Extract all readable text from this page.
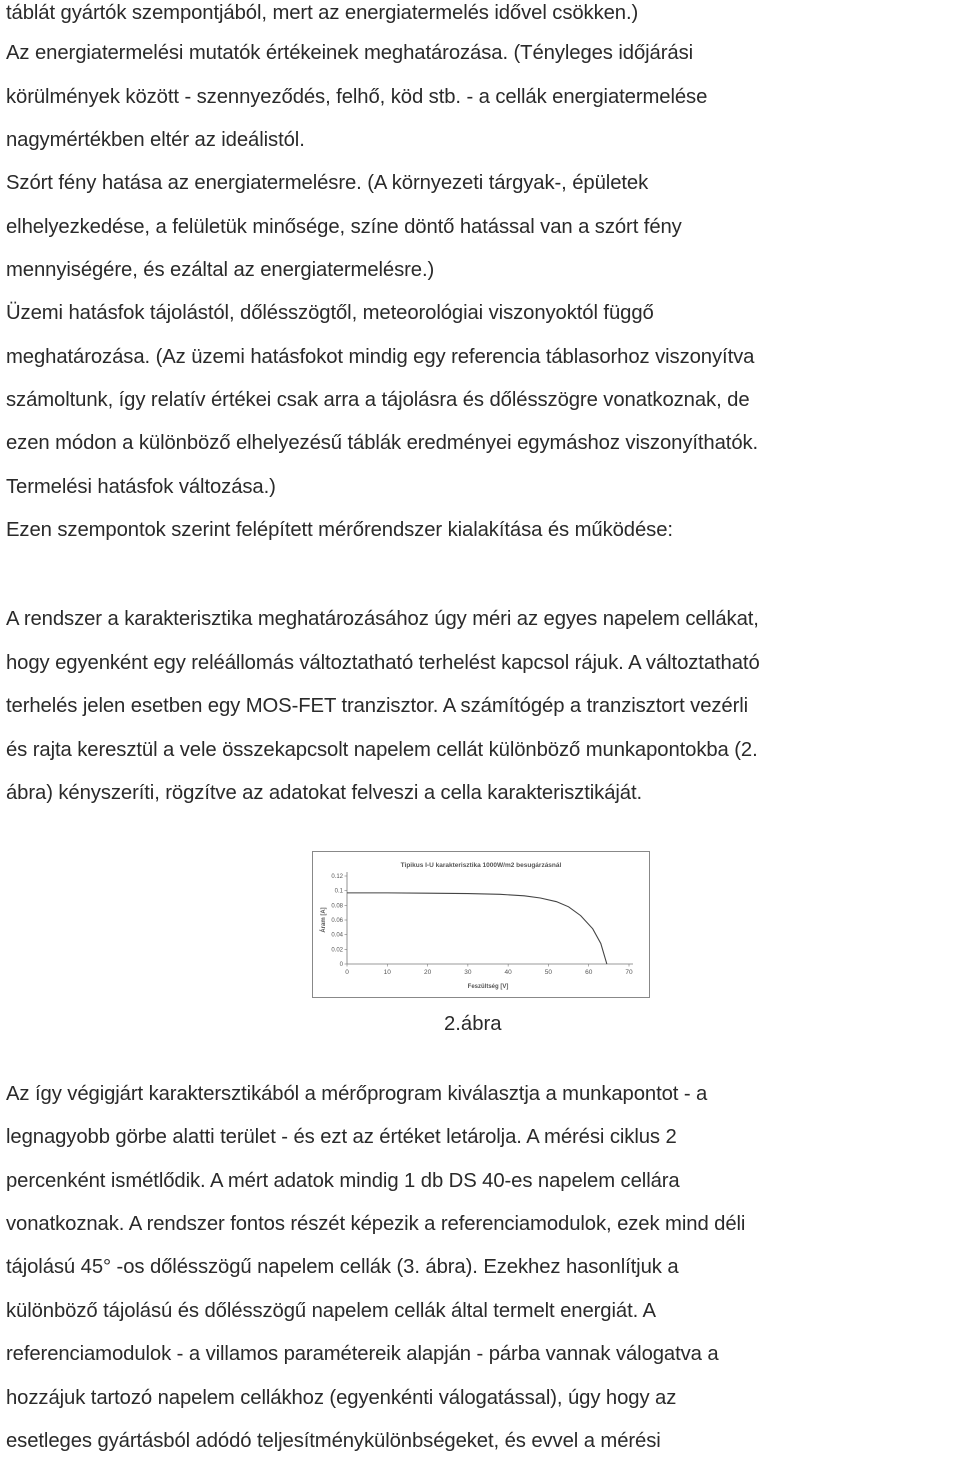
táblát gyártók szempontjából, mert az energiatermelés idővel csökken.)
Az energiatermelési mutatók értékeinek meghatározása. (Tényleges időjárási
körülmények között - szennyeződés, felhő, köd stb. - a cellák energiatermelése
nagymértékben eltér az ideálistól.
Szórt fény hatása az energiatermelésre. (A környezeti tárgyak-, épületek
elhelyezkedése, a felületük minősége, színe döntő hatással van a szórt fény
mennyiségére, és ezáltal az energiatermelésre.)
Üzemi hatásfok tájolástól, dőlésszögtől, meteorológiai viszonyoktól függő
meghatározása. (Az üzemi hatásfokot mindig egy referencia táblasorhoz viszonyítva
számoltunk, így relatív értékei csak arra a tájolásra és dőlésszögre vonatkoznak, de
ezen módon a különböző elhelyezésű táblák eredményei egymáshoz viszonyíthatók.
Termelési hatásfok változása.)
Ezen szempontok szerint felépített mérőrendszer kialakítása és működése:
A rendszer a karakterisztika meghatározásához úgy méri az egyes napelem cellákat,
hogy egyenként egy reléállomás változtatható terhelést kapcsol rájuk. A változtatható
terhelés jelen esetben egy MOS-FET tranzisztor. A számítógép a tranzisztort vezérli
és rajta keresztül a vele összekapcsolt napelem cellát különböző munkapontokba (2.
ábra) kényszeríti, rögzítve az adatokat felveszi a cella karakterisztikáját.
Tipikus I-U karakterisztika 1000W/m2 besugárzásnál
Áram [A]
Feszültség [V]
0	10	20	30	40	50	60	70
0
0.02
0.04
0.06
0.08
0.1
0.12
2.ábra
Az így végigjárt karaktersztikából a mérőprogram kiválasztja a munkapontot - a
legnagyobb görbe alatti terület - és ezt az értéket letárolja. A mérési ciklus 2
percenként ismétlődik. A mért adatok mindig 1 db DS 40-es napelem cellára
vonatkoznak. A rendszer fontos részét képezik a referenciamodulok, ezek mind déli
tájolású 45° -os dőlésszögű napelem cellák (3. ábra). Ezekhez hasonlítjuk a
különböző tájolású és dőlésszögű napelem cellák által termelt energiát. A
referenciamodulok - a villamos paramétereik alapján - párba vannak válogatva a
hozzájuk tartozó napelem cellákhoz (egyenkénti válogatással), úgy hogy az
esetleges gyártásból adódó teljesítménykülönbségeket, és evvel a mérési
